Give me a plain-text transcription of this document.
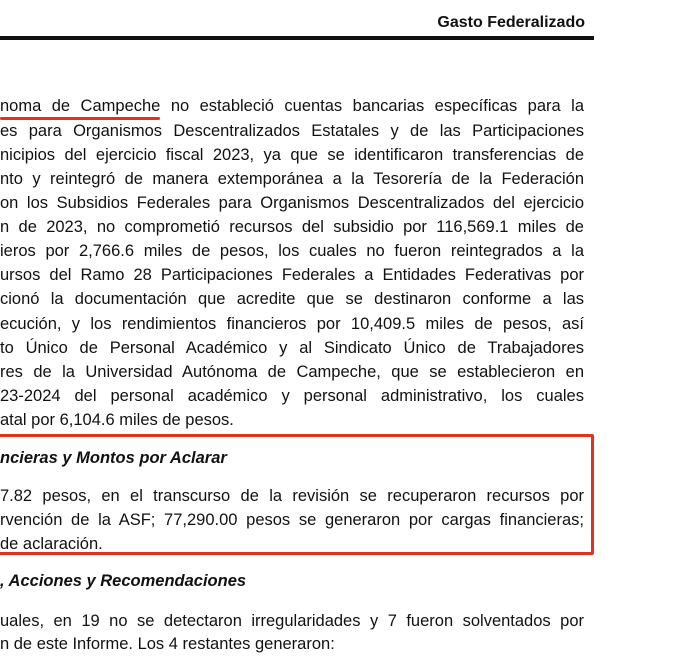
Gasto Federalizado
noma de Campeche no estableció cuentas bancarias específicas para la
es para Organismos Descentralizados Estatales y de las Participaciones
nicipios del ejercicio fiscal 2023, ya que se identificaron transferencias de
nto y reintegró de manera extemporánea a la Tesorería de la Federación
on los Subsidios Federales para Organismos Descentralizados del ejercicio
n de 2023, no comprometió recursos del subsidio por 116,569.1 miles de
ieros por 2,766.6 miles de pesos, los cuales no fueron reintegrados a la
ursos del Ramo 28 Participaciones Federales a Entidades Federativas por
cionó la documentación que acredite que se destinaron conforme a las
ecución, y los rendimientos financieros por 10,409.5 miles de pesos, así
to Único de Personal Académico y al Sindicato Único de Trabajadores
res de la Universidad Autónoma de Campeche, que se establecieron en
23-2024 del personal académico y personal administrativo, los cuales
atal por 6,104.6 miles de pesos.
ncieras y Montos por Aclarar
7.82 pesos, en el transcurso de la revisión se recuperaron recursos por
rvención de la ASF; 77,290.00 pesos se generaron por cargas financieras;
de aclaración.
, Acciones y Recomendaciones
uales, en 19 no se detectaron irregularidades y 7 fueron solventados por
n de este Informe. Los 4 restantes generaron:
